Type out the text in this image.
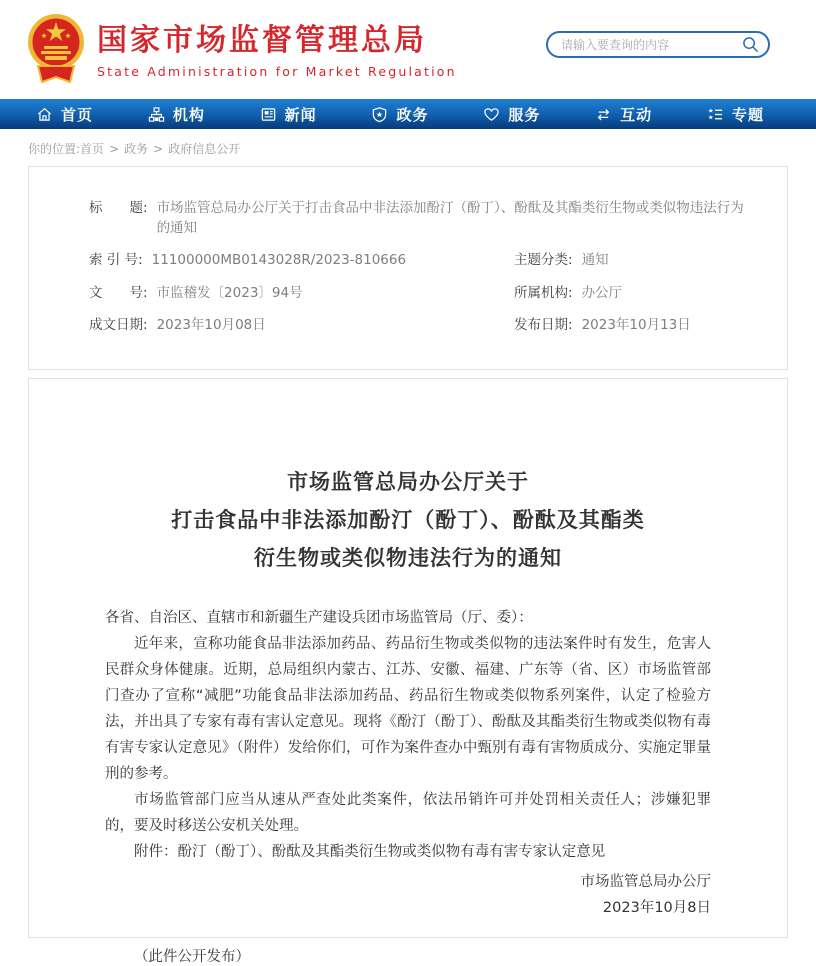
国家市场监督管理总局
State Administration for Market Regulation
请输入要查询的内容
首页	机构	新闻	政务	服务	互动	专题
你的位置:首页 > 政务 > 政府信息公开
标　　题: 市场监管总局办公厅关于打击食品中非法添加酚汀（酚丁）、酚酞及其酯类衍生物或类似物违法行为的通知
索 引 号: 11100000MB0143028R/2023-810666	主题分类: 通知
文　　号: 市监稽发〔2023〕94号	所属机构: 办公厅
成文日期: 2023年10月08日	发布日期: 2023年10月13日
市场监管总局办公厅关于
打击食品中非法添加酚汀（酚丁）、酚酞及其酯类
衍生物或类似物违法行为的通知

各省、自治区、直辖市和新疆生产建设兵团市场监管局（厅、委）：

近年来，宣称功能食品非法添加药品、药品衍生物或类似物的违法案件时有发生，危害人民群众身体健康。近期，总局组织内蒙古、江苏、安徽、福建、广东等（省、区）市场监管部门查办了宣称“减肥”功能食品非法添加药品、药品衍生物或类似物系列案件，认定了检验方法，并出具了专家有毒有害认定意见。现将《酚汀（酚丁）、酚酞及其酯类衍生物或类似物有毒有害专家认定意见》（附件）发给你们，可作为案件查办中甄别有毒有害物质成分、实施定罪量刑的参考。

市场监管部门应当从速从严查处此类案件，依法吊销许可并处罚相关责任人；涉嫌犯罪的，要及时移送公安机关处理。

附件：酚汀（酚丁）、酚酞及其酯类衍生物或类似物有毒有害专家认定意见

市场监管总局办公厅
2023年10月8日
（此件公开发布）
